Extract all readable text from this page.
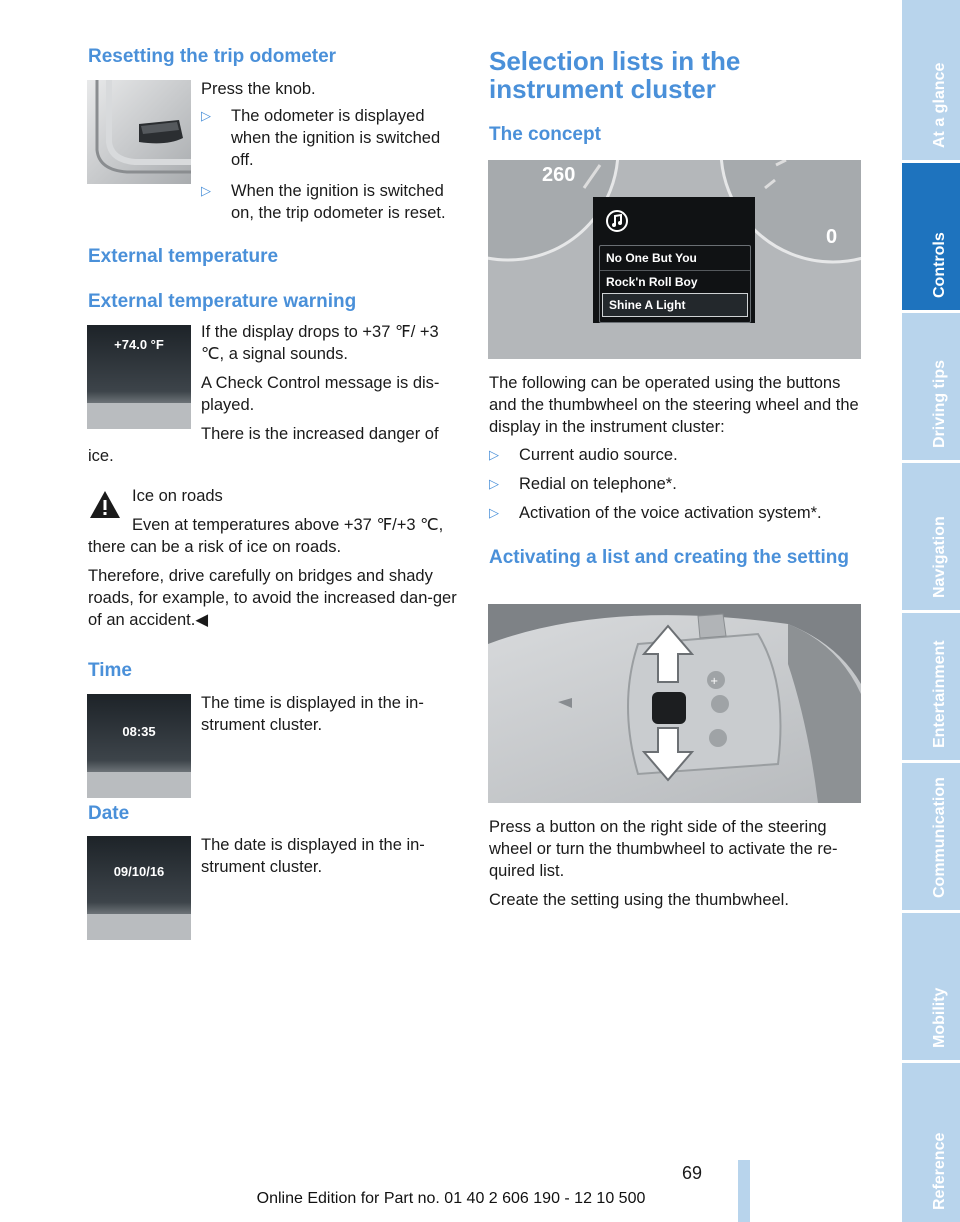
Resetting the trip odometer

Press the knob.

▷	The odometer is displayed when the ignition is switched off.
▷	When the ignition is switched on, the trip odometer is reset.
External temperature
External temperature warning
+74.0 °F

If the display drops to +37 ℉/ +3 ℃, a signal sounds.

A Check Control message is dis-played.

There is the increased danger of ice.

Ice on roads

Even at temperatures above +37 ℉/+3 ℃, there can be a risk of ice on roads.

Therefore, drive carefully on bridges and shady roads, for example, to avoid the increased dan-ger of an accident.◀

Time
08:35

The time is displayed in the in-strument cluster.

Date
09/10/16

The date is displayed in the in-strument cluster.

Selection lists in the instrument cluster
The concept
260
0
No One But You
Rock'n Roll Boy
Shine A Light

The following can be operated using the buttons and the thumbwheel on the steering wheel and the display in the instrument cluster:

▷	Current audio source.
▷	Redial on telephone*.
▷	Activation of the voice activation system*.
Activating a list and creating the setting
+

Press a button on the right side of the steering wheel or turn the thumbwheel to activate the re-quired list.

Create the setting using the thumbwheel.

At a glance
Controls
Driving tips
Navigation
Entertainment
Communication
Mobility
Reference
69
Online Edition for Part no. 01 40 2 606 190 - 12 10 500
